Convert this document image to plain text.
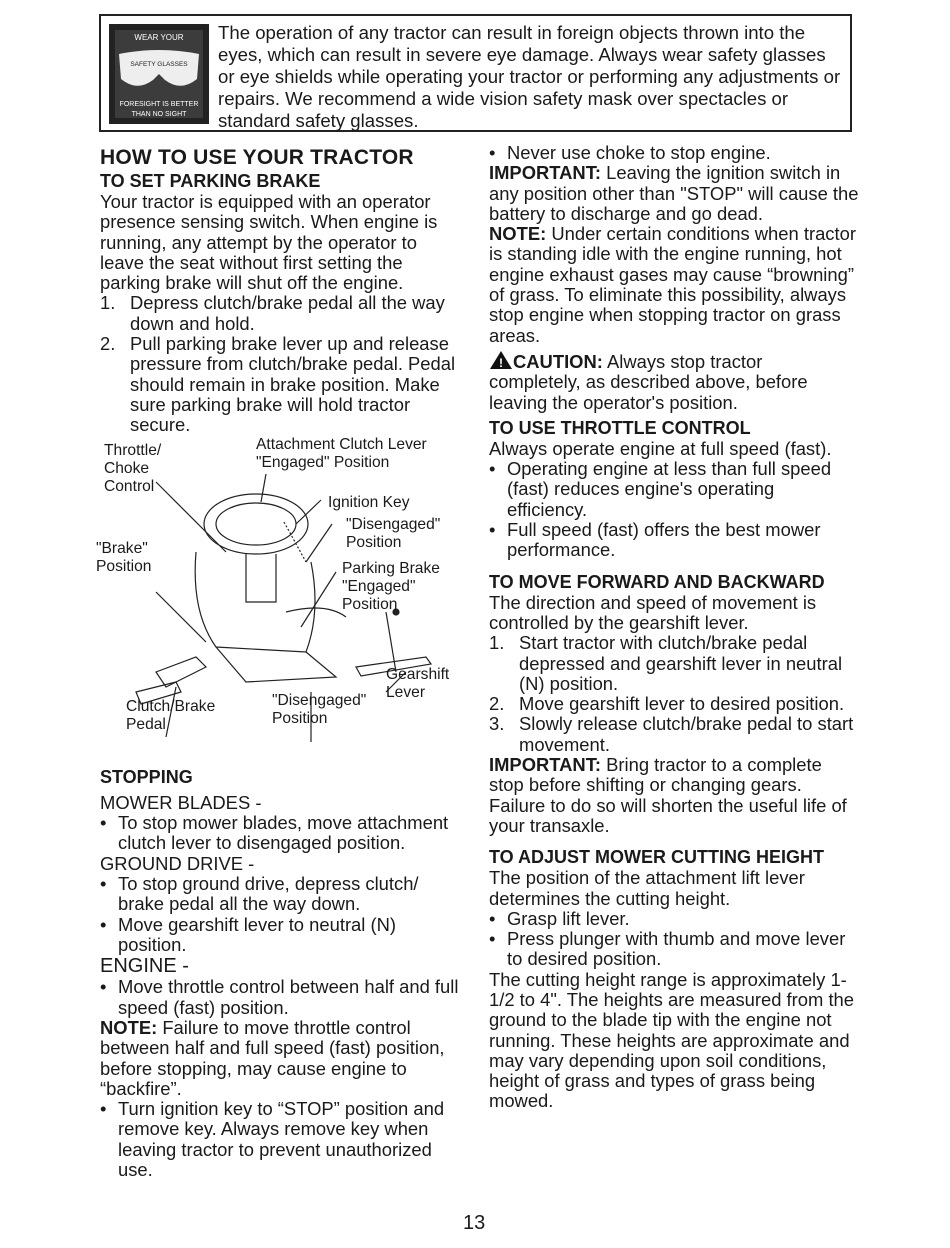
WEAR YOUR
SAFETY GLASSES
FORESIGHT IS BETTER
THAN NO SIGHT
The operation of any tractor can result in foreign objects thrown into the eyes, which can result in severe eye damage. Always wear safety glasses or eye shields while operating your tractor or performing any adjustments or repairs. We recommend a wide vision safety mask over spectacles or standard safety glasses.
HOW TO USE YOUR TRACTOR
TO SET PARKING BRAKE

Your tractor is equipped with an operator presence sensing switch. When engine is running, any attempt by the operator to leave the seat without first setting the parking brake will shut off the engine.

1. Depress clutch/brake pedal all the way down and hold.
2. Pull parking brake lever up and release pressure from clutch/brake pedal. Pedal should remain in brake position. Make sure parking brake will hold tractor secure.
Throttle/
Choke
Control
Attachment Clutch Lever
"Engaged" Position
Ignition Key
"Disengaged"
Position
"Brake"
Position	Parking Brake
"Engaged"
Position
Gearshift
Lever
Clutch/Brake
Pedal
"Disengaged"
Position
STOPPING

MOWER BLADES -

• To stop mower blades, move attachment clutch lever to disengaged position.

GROUND DRIVE -

• To stop ground drive, depress clutch/ brake pedal all the way down.
• Move gearshift lever to neutral (N) position.

ENGINE -

• Move throttle control between half and full speed (fast) position.

NOTE: Failure to move throttle control between half and full speed (fast) position, before stopping, may cause engine to “backfire”.

• Turn ignition key to “STOP” position and remove key. Always remove key when leaving tractor to prevent unauthorized use.
• Never use choke to stop engine.

IMPORTANT: Leaving the ignition switch in any position other than "STOP" will cause the battery to discharge and go dead.

NOTE: Under certain conditions when tractor is standing idle with the engine running, hot engine exhaust gases may cause “browning” of grass. To eliminate this possibility, always stop engine when stopping tractor on grass areas.

! CAUTION: Always stop tractor completely, as described above, before leaving the operator's position.

TO USE THROTTLE CONTROL

Always operate engine at full speed (fast).

• Operating engine at less than full speed (fast) reduces engine's operating efficiency.
• Full speed (fast) offers the best mower performance.
TO MOVE FORWARD AND BACKWARD

The direction and speed of movement is controlled by the gearshift lever.

1. Start tractor with clutch/brake pedal depressed and gearshift lever in neutral (N) position.
2. Move gearshift lever to desired position.
3. Slowly release clutch/brake pedal to start movement.

IMPORTANT: Bring tractor to a complete stop before shifting or changing gears. Failure to do so will shorten the useful life of your transaxle.

TO ADJUST MOWER CUTTING HEIGHT

The position of the attachment lift lever determines the cutting height.

• Grasp lift lever.
• Press plunger with thumb and move lever to desired position.

The cutting height range is approximately 1-1/2 to 4". The heights are measured from the ground to the blade tip with the engine not running. These heights are approximate and may vary depending upon soil conditions, height of grass and types of grass being mowed.

13
